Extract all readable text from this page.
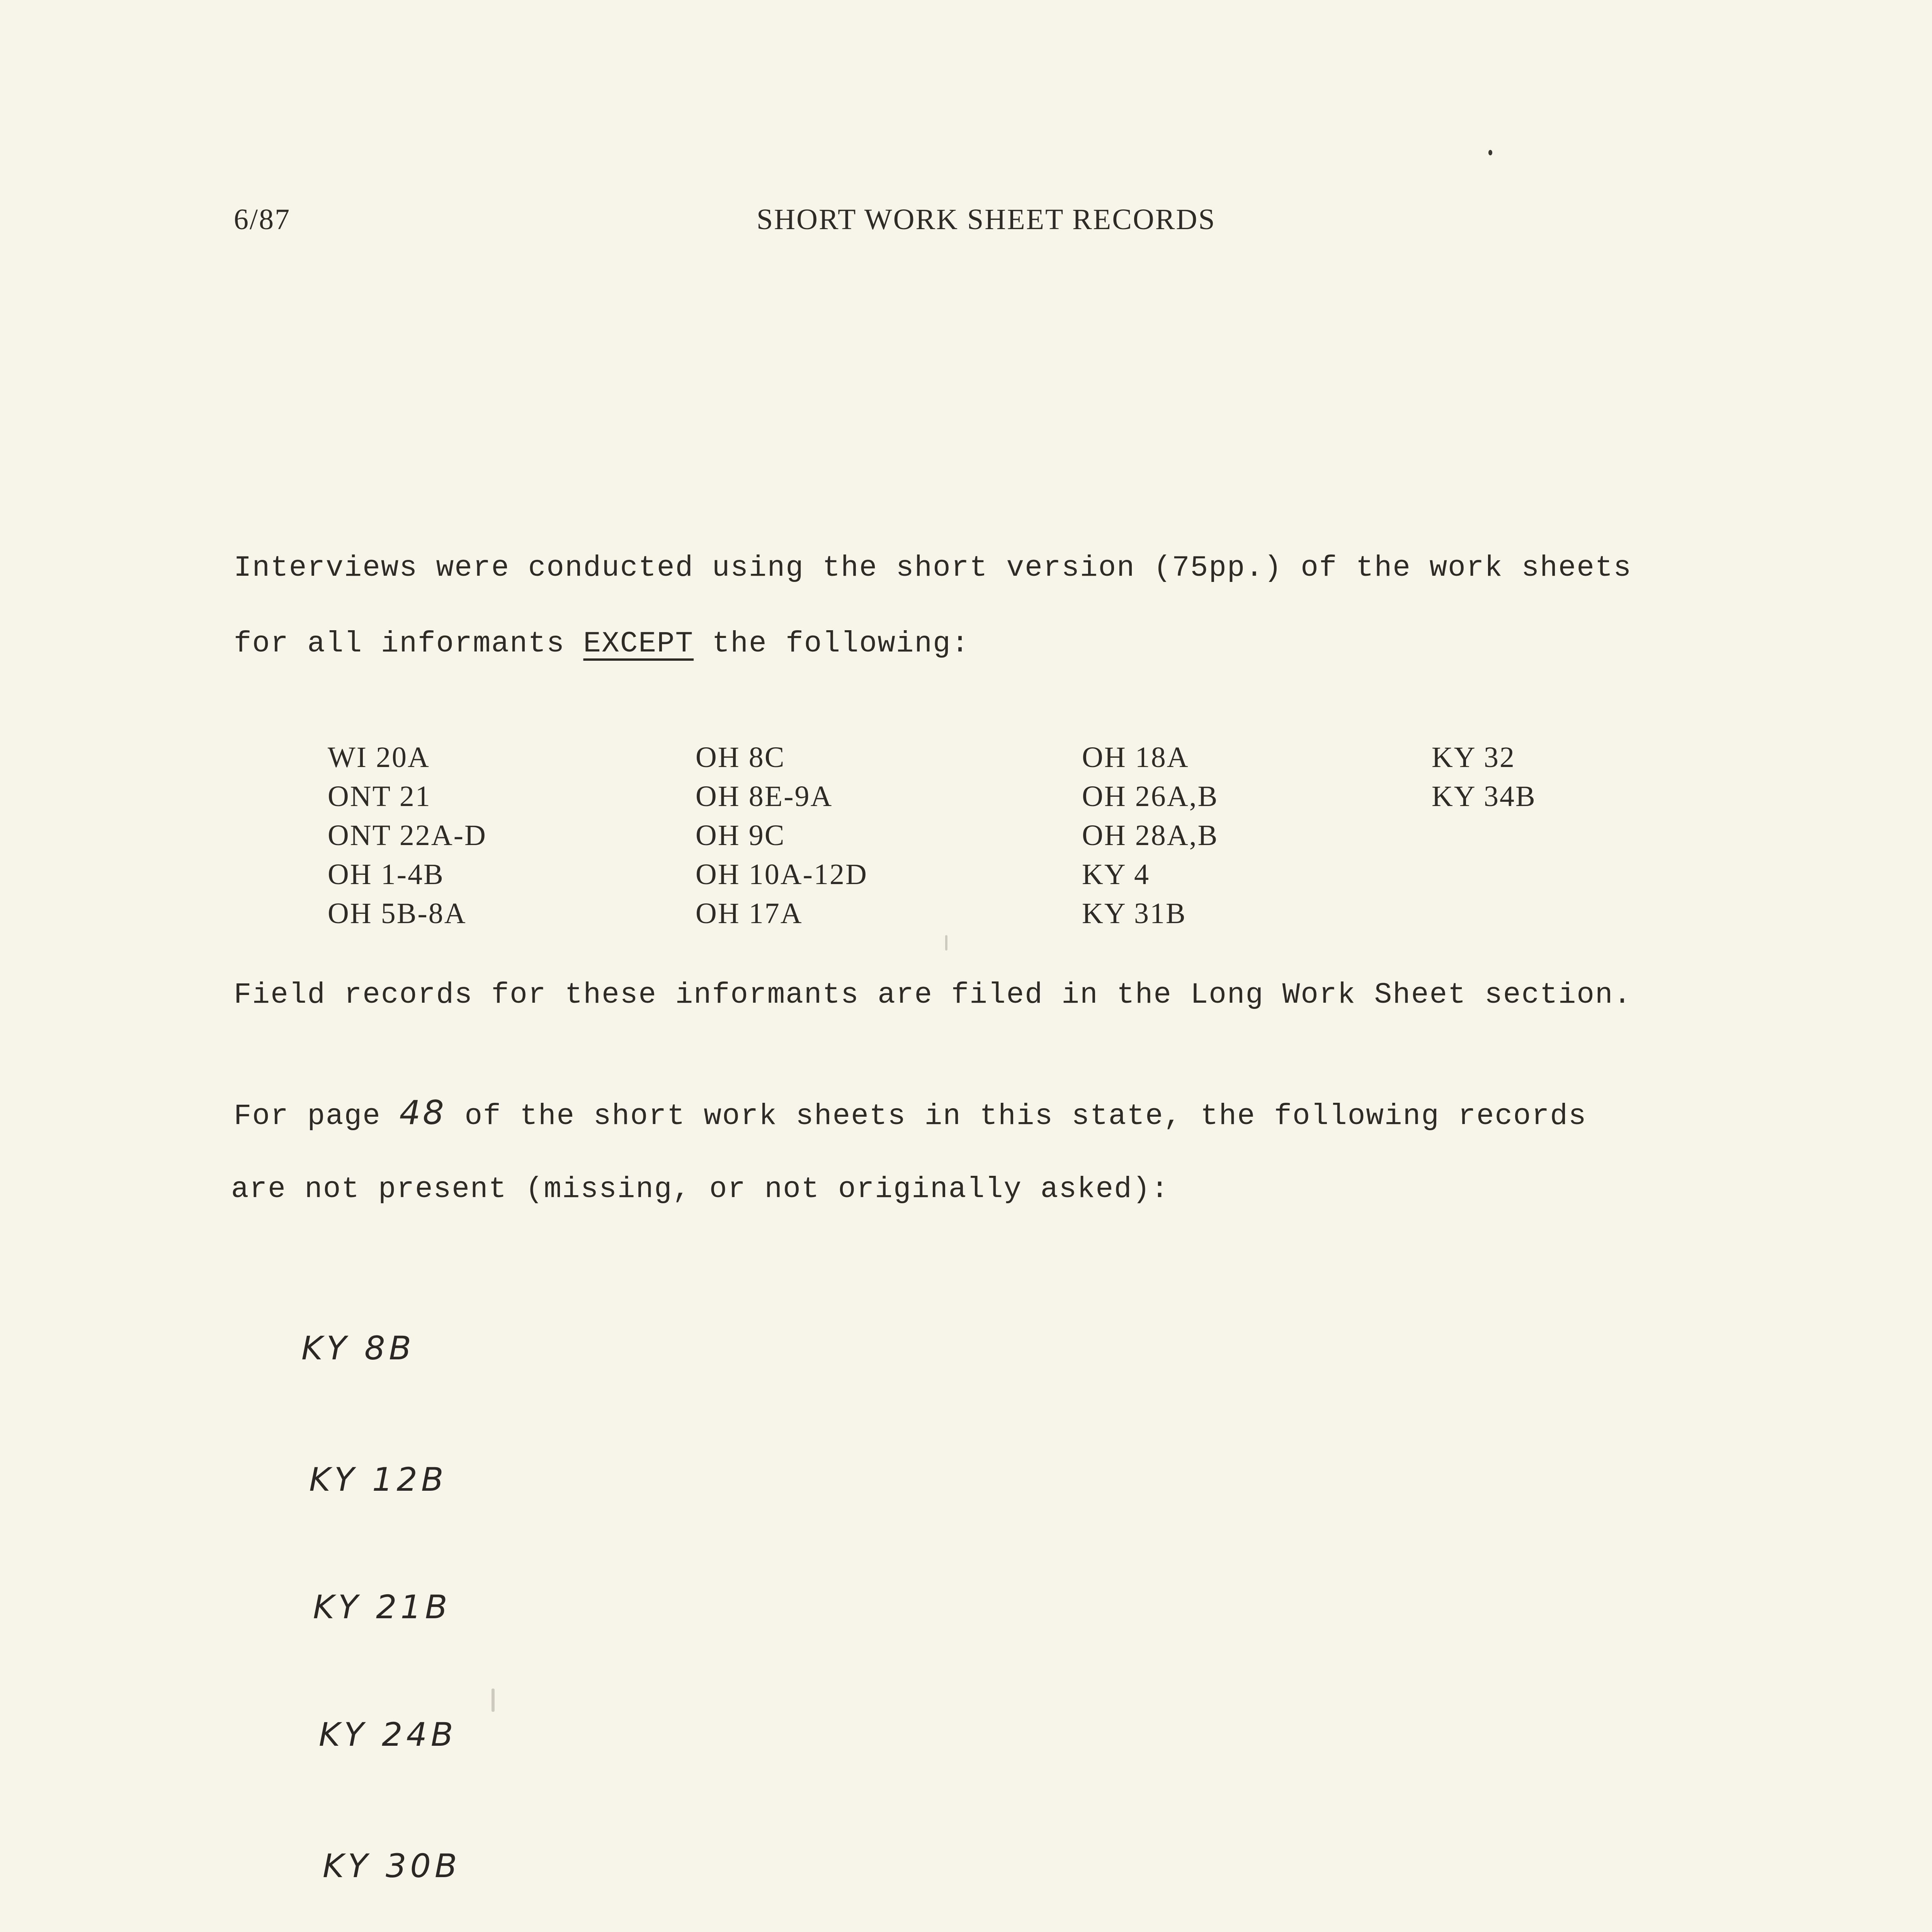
6/87	SHORT WORK SHEET RECORDS
Interviews were conducted using the short version (75pp.) of the work sheets
for all informants EXCEPT the following:
WI 20A
ONT 21
ONT 22A-D
OH 1-4B
OH 5B-8A
OH 8C
OH 8E-9A
OH 9C
OH 10A-12D
OH 17A
OH 18A
OH 26A,B
OH 28A,B
KY 4
KY 31B
KY 32
KY 34B
Field records for these informants are filed in the Long Work Sheet section.
For page 48 of the short work sheets in this state, the following records
are not present (missing, or not originally asked):
KY 8B
KY 12B
KY 21B
KY 24B
KY 30B
